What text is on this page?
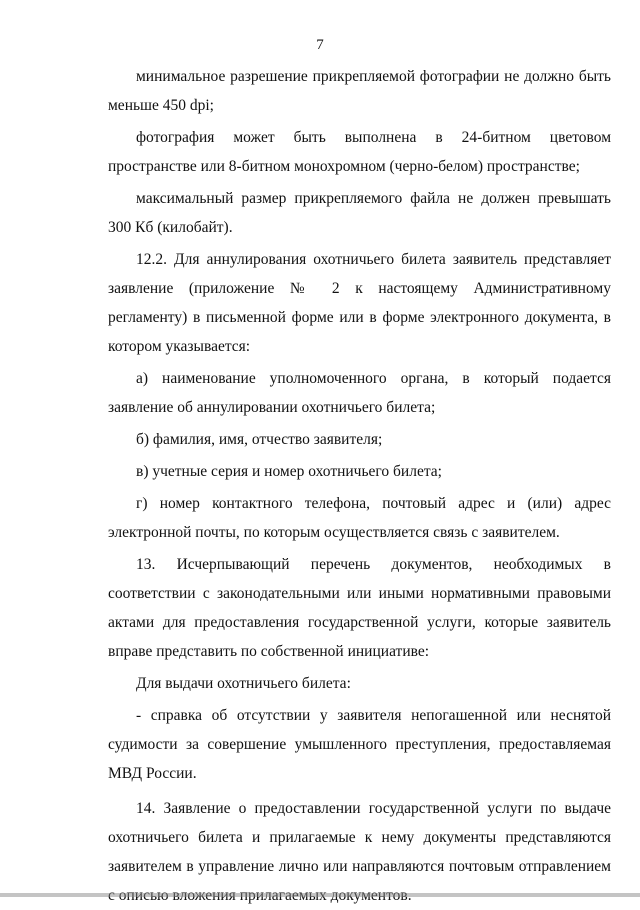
7

минимальное разрешение прикрепляемой фотографии не должно быть меньше 450 dpi;

фотография может быть выполнена в 24-битном цветовом пространстве или 8-битном монохромном (черно-белом) пространстве;

максимальный размер прикрепляемого файла не должен превышать 300 Кб (килобайт).

12.2. Для аннулирования охотничьего билета заявитель представляет заявление (приложение № 2 к настоящему Административному регламенту) в письменной форме или в форме электронного документа, в котором указывается:

а) наименование уполномоченного органа, в который подается заявление об аннулировании охотничьего билета;

б) фамилия, имя, отчество заявителя;

в) учетные серия и номер охотничьего билета;

г) номер контактного телефона, почтовый адрес и (или) адрес электронной почты, по которым осуществляется связь с заявителем.

13. Исчерпывающий перечень документов, необходимых в соответствии с законодательными или иными нормативными правовыми актами для предоставления государственной услуги, которые заявитель вправе представить по собственной инициативе:

Для выдачи охотничьего билета:

- справка об отсутствии у заявителя непогашенной или неснятой судимости за совершение умышленного преступления, предоставляемая МВД России.

14. Заявление о предоставлении государственной услуги по выдаче охотничьего билета и прилагаемые к нему документы представляются заявителем в управление лично или направляются почтовым отправлением
